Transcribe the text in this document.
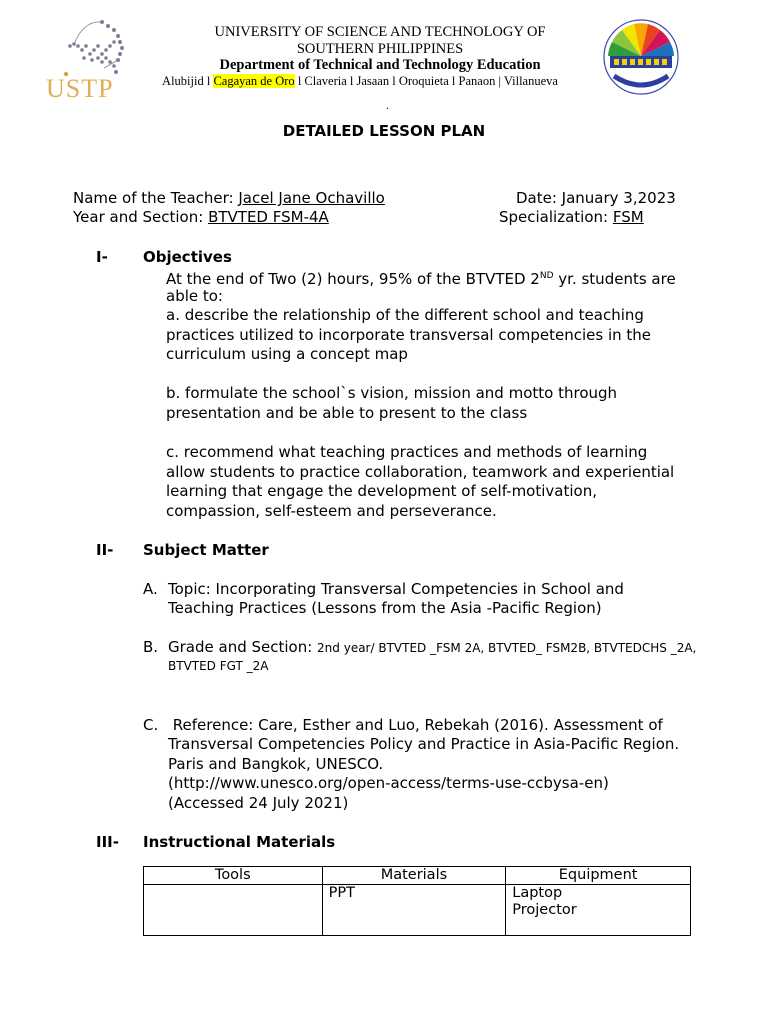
USTP
UNIVERSITY OF SCIENCE AND TECHNOLOGY OF
SOUTHERN PHILIPPINES
Department of Technical and Technology Education
Alubijid l Cagayan de Oro l Claveria l Jasaan l Oroquieta l Panaon | Villanueva
.
DETAILED LESSON PLAN
Name of the Teacher: Jacel Jane Ochavillo	Date: January 3,2023
Year and Section: BTVTED FSM-4A	Specialization: FSM
I- Objectives
At the end of Two (2) hours, 95% of the BTVTED 2ND yr. students are
able to:
a. describe the relationship of the different school and teaching
practices utilized to incorporate transversal competencies in the
curriculum using a concept map
b. formulate the school`s vision, mission and motto through
presentation and be able to present to the class
c. recommend what teaching practices and methods of learning
allow students to practice collaboration, teamwork and experiential
learning that engage the development of self-motivation,
compassion, self-esteem and perseverance.
II- Subject Matter
A. Topic: Incorporating Transversal Competencies in School and
Teaching Practices (Lessons from the Asia -Pacific Region)
B. Grade and Section: 2nd year/ BTVTED _FSM 2A, BTVTED_ FSM2B, BTVTEDCHS _2A,
BTVTED FGT _2A
C. Reference: Care, Esther and Luo, Rebekah (2016). Assessment of
Transversal Competencies Policy and Practice in Asia-Pacific Region.
Paris and Bangkok, UNESCO.
(http://www.unesco.org/open-access/terms-use-ccbysa-en)
(Accessed 24 July 2021)
III- Instructional Materials
Tools	Materials	Equipment
	PPT	Laptop
Projector
